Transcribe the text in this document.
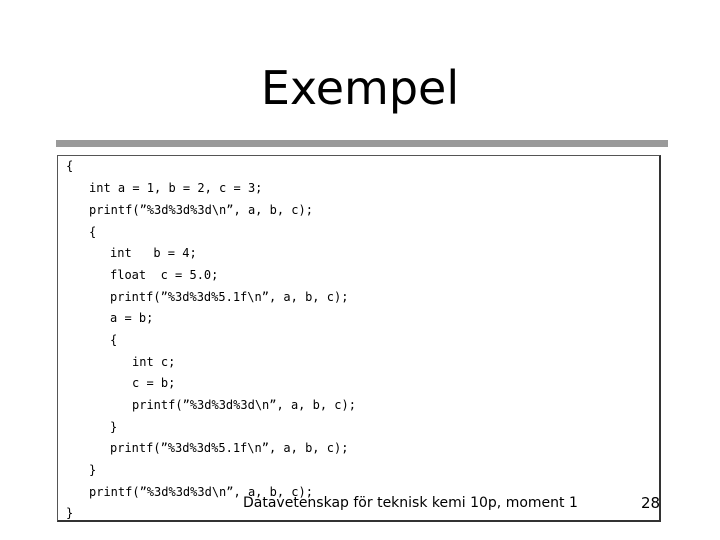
Exempel
{
int a = 1, b = 2, c = 3;
printf(”%3d%3d%3d\n”, a, b, c);
{
int   b = 4;
float  c = 5.0;
printf(”%3d%3d%5.1f\n”, a, b, c);
a = b;
{
int c;
c = b;
printf(”%3d%3d%3d\n”, a, b, c);
}
printf(”%3d%3d%5.1f\n”, a, b, c);
}
printf(”%3d%3d%3d\n”, a, b, c);
}
Datavetenskap för teknisk kemi 10p, moment 1	28
